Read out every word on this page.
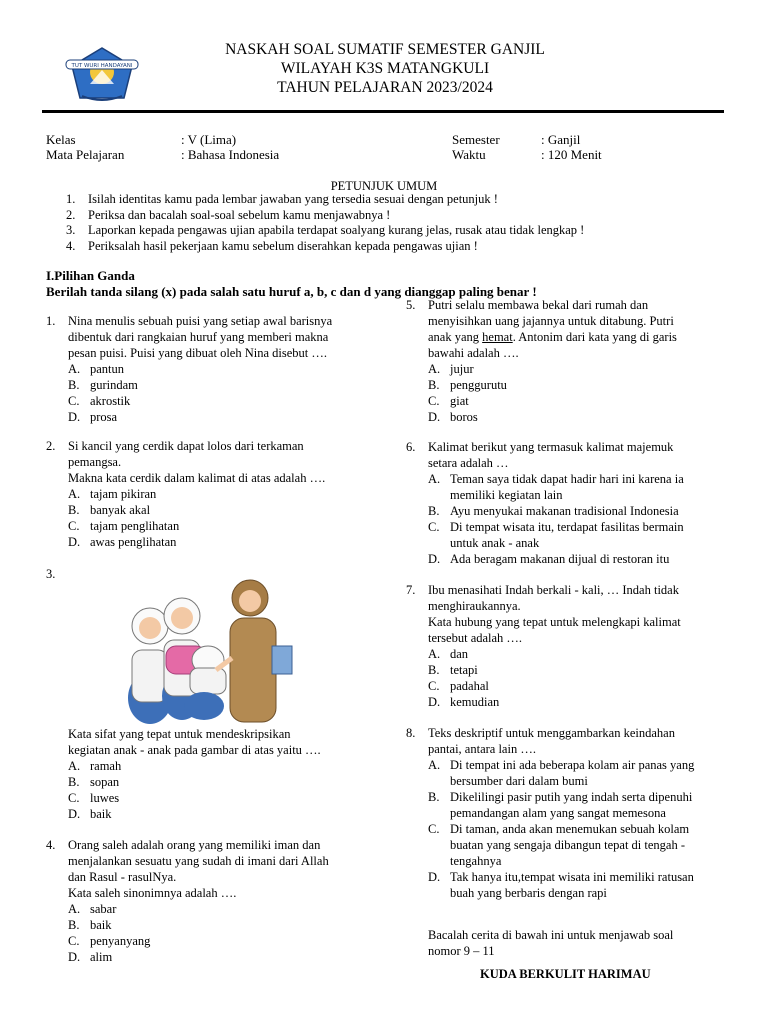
TUT WURI HANDAYANI
NASKAH SOAL SUMATIF SEMESTER GANJIL
WILAYAH K3S MATANGKULI
TAHUN PELAJARAN 2023/2024
Kelas	: V (Lima)
Mata Pelajaran	: Bahasa Indonesia
Semester	: Ganjil
Waktu	: 120 Menit
PETUNJUK UMUM
1.	Isilah identitas kamu pada lembar jawaban yang tersedia sesuai dengan petunjuk !
2.	Periksa dan bacalah soal-soal sebelum kamu menjawabnya !
3.	Laporkan kepada pengawas ujian apabila terdapat soalyang kurang jelas, rusak atau tidak lengkap !
4.	Periksalah hasil pekerjaan kamu sebelum diserahkan kepada pengawas ujian !
I.Pilihan Ganda
Berilah tanda silang (x) pada salah satu huruf a, b, c dan d yang dianggap paling benar !
1. Nina menulis sebuah puisi yang setiap awal barisnya
dibentuk dari rangkaian huruf yang memberi makna
pesan puisi. Puisi yang dibuat oleh Nina disebut ….
A. pantun
B. gurindam
C. akrostik
D. prosa
2. Si kancil yang cerdik dapat lolos dari terkaman
pemangsa.
Makna kata cerdik dalam kalimat di atas adalah ….
A. tajam pikiran
B. banyak akal
C. tajam penglihatan
D. awas penglihatan
3.
Kata sifat yang tepat untuk mendeskripsikan
kegiatan anak - anak pada gambar di atas yaitu ….
A. ramah
B. sopan
C. luwes
D. baik
4. Orang saleh adalah orang yang memiliki iman dan
menjalankan sesuatu yang sudah di imani dari Allah
dan Rasul - rasulNya.
Kata saleh sinonimnya adalah ….
A. sabar
B. baik
C. penyanyang
D. alim
5. Putri selalu membawa bekal dari rumah dan
menyisihkan uang jajannya untuk ditabung. Putri
anak yang hemat. Antonim dari kata yang di garis
bawahi adalah ….
A. jujur
B. penggurutu
C. giat
D. boros
6. Kalimat berikut yang termasuk kalimat majemuk
setara adalah …
A. Teman saya tidak dapat hadir hari ini karena ia
memiliki kegiatan lain
B. Ayu menyukai makanan tradisional Indonesia
C. Di tempat wisata itu, terdapat fasilitas bermain
untuk anak - anak
D. Ada beragam makanan dijual di restoran itu
7. Ibu menasihati Indah berkali - kali, … Indah tidak
menghiraukannya.
Kata hubung yang tepat untuk melengkapi kalimat
tersebut adalah ….
A. dan
B. tetapi
C. padahal
D. kemudian
8. Teks deskriptif untuk menggambarkan keindahan
pantai, antara lain ….
A. Di tempat ini ada beberapa kolam air panas yang
bersumber dari dalam bumi
B. Dikelilingi pasir putih yang indah serta dipenuhi
pemandangan alam yang sangat memesona
C. Di taman, anda akan menemukan sebuah kolam
buatan yang sengaja dibangun tepat di tengah -
tengahnya
D. Tak hanya itu,tempat wisata ini memiliki ratusan
buah yang berbaris dengan rapi
Bacalah cerita di bawah ini untuk menjawab soal
nomor 9 – 11
KUDA BERKULIT HARIMAU
